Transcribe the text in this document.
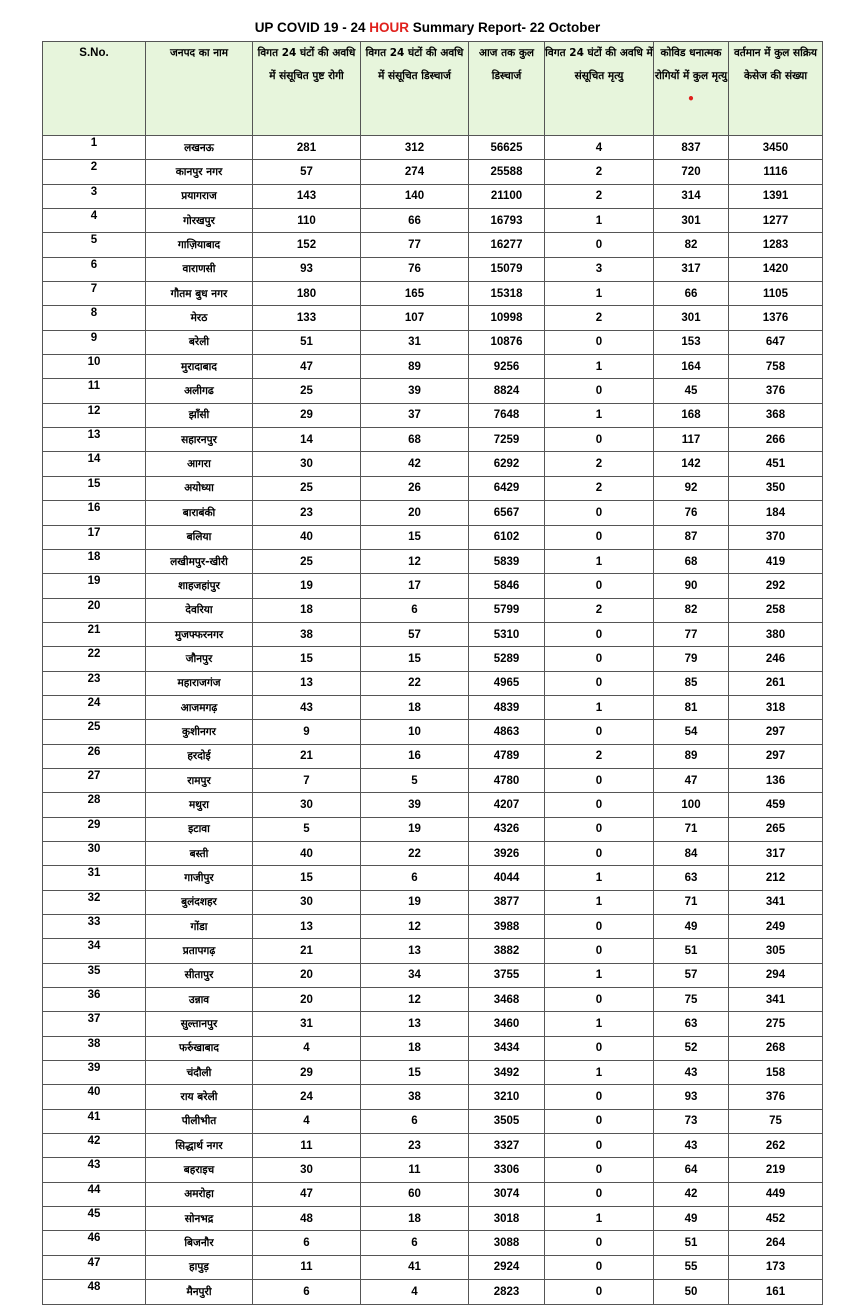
UP COVID 19 - 24 HOUR Summary Report- 22 October
S.No.	जनपद का नाम	विगत 24 घंटों की अवधि में संसूचित पुष्ट रोगी	विगत 24 घंटों की अवधि में संसूचित डिस्चार्ज	आज तक कुल डिस्चार्ज	विगत 24 घंटों की अवधि में संसूचित मृत्यु	कोविड धनात्मक रोगियों में कुल मृत्यु •	वर्तमान में कुल सक्रिय केसेज की संख्या
1	लखनऊ	281	312	56625	4	837	3450
2	कानपुर नगर	57	274	25588	2	720	1116
3	प्रयागराज	143	140	21100	2	314	1391
4	गोरखपुर	110	66	16793	1	301	1277
5	गाज़ियाबाद	152	77	16277	0	82	1283
6	वाराणसी	93	76	15079	3	317	1420
7	गौतम बुध नगर	180	165	15318	1	66	1105
8	मेरठ	133	107	10998	2	301	1376
9	बरेली	51	31	10876	0	153	647
10	मुरादाबाद	47	89	9256	1	164	758
11	अलीगढ	25	39	8824	0	45	376
12	झाँसी	29	37	7648	1	168	368
13	सहारनपुर	14	68	7259	0	117	266
14	आगरा	30	42	6292	2	142	451
15	अयोध्या	25	26	6429	2	92	350
16	बाराबंकी	23	20	6567	0	76	184
17	बलिया	40	15	6102	0	87	370
18	लखीमपुर-खीरी	25	12	5839	1	68	419
19	शाहजहांपुर	19	17	5846	0	90	292
20	देवरिया	18	6	5799	2	82	258
21	मुजफ्फरनगर	38	57	5310	0	77	380
22	जौनपुर	15	15	5289	0	79	246
23	महाराजगंज	13	22	4965	0	85	261
24	आजमगढ़	43	18	4839	1	81	318
25	कुशीनगर	9	10	4863	0	54	297
26	हरदोई	21	16	4789	2	89	297
27	रामपुर	7	5	4780	0	47	136
28	मथुरा	30	39	4207	0	100	459
29	इटावा	5	19	4326	0	71	265
30	बस्ती	40	22	3926	0	84	317
31	गाजीपुर	15	6	4044	1	63	212
32	बुलंदशहर	30	19	3877	1	71	341
33	गोंडा	13	12	3988	0	49	249
34	प्रतापगढ़	21	13	3882	0	51	305
35	सीतापुर	20	34	3755	1	57	294
36	उन्नाव	20	12	3468	0	75	341
37	सुल्तानपुर	31	13	3460	1	63	275
38	फर्रुखाबाद	4	18	3434	0	52	268
39	चंदौली	29	15	3492	1	43	158
40	राय बरेली	24	38	3210	0	93	376
41	पीलीभीत	4	6	3505	0	73	75
42	सिद्धार्थ नगर	11	23	3327	0	43	262
43	बहराइच	30	11	3306	0	64	219
44	अमरोहा	47	60	3074	0	42	449
45	सोनभद्र	48	18	3018	1	49	452
46	बिजनौर	6	6	3088	0	51	264
47	हापुड़	11	41	2924	0	55	173
48	मैनपुरी	6	4	2823	0	50	161
